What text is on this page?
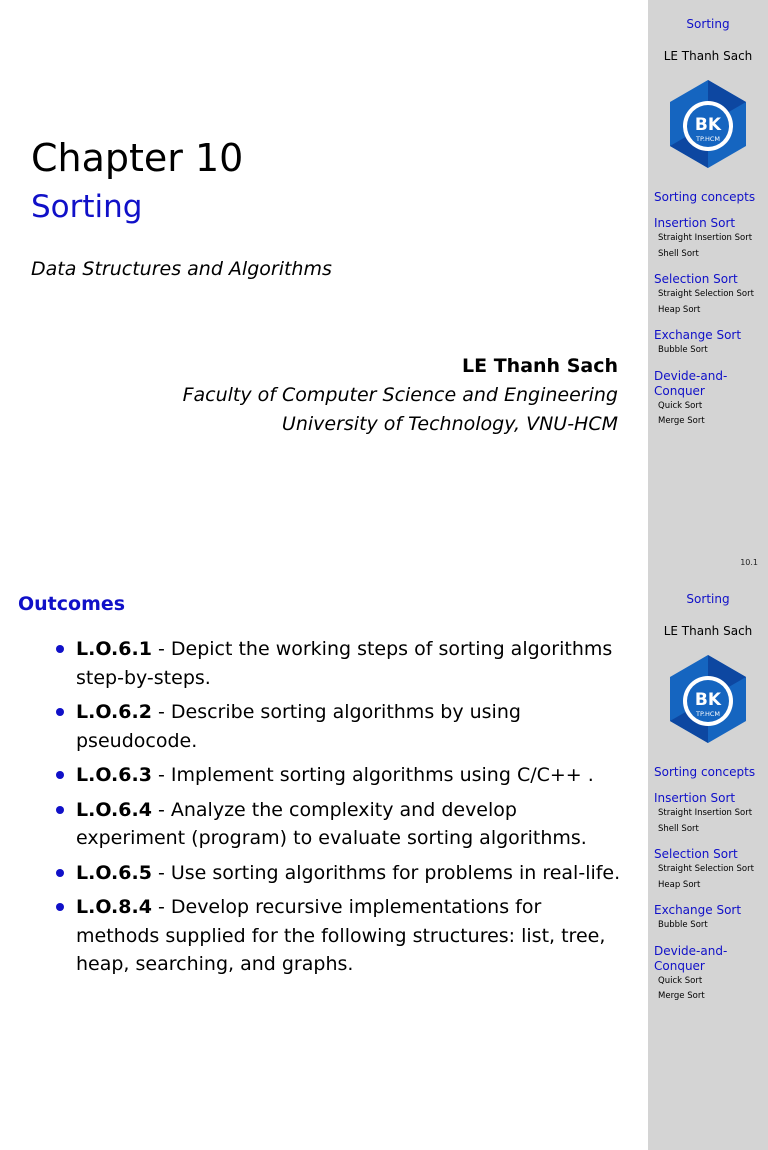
Chapter 10
Sorting
Data Structures and Algorithms
LE Thanh Sach
Faculty of Computer Science and Engineering
University of Technology, VNU-HCM
Sorting
LE Thanh Sach
BK
TP.HCM
Sorting concepts
Insertion Sort
Straight Insertion Sort
Shell Sort
Selection Sort
Straight Selection Sort
Heap Sort
Exchange Sort
Bubble Sort
Devide-and-Conquer
Quick Sort
Merge Sort
10.1
Outcomes
L.O.6.1 - Depict the working steps of sorting algorithms step-by-steps.
L.O.6.2 - Describe sorting algorithms by using pseudocode.
L.O.6.3 - Implement sorting algorithms using C/C++ .
L.O.6.4 - Analyze the complexity and develop experiment (program) to evaluate sorting algorithms.
L.O.6.5 - Use sorting algorithms for problems in real-life.
L.O.8.4 - Develop recursive implementations for methods supplied for the following structures: list, tree, heap, searching, and graphs.
Sorting
LE Thanh Sach
BK
TP.HCM
Sorting concepts
Insertion Sort
Straight Insertion Sort
Shell Sort
Selection Sort
Straight Selection Sort
Heap Sort
Exchange Sort
Bubble Sort
Devide-and-Conquer
Quick Sort
Merge Sort
